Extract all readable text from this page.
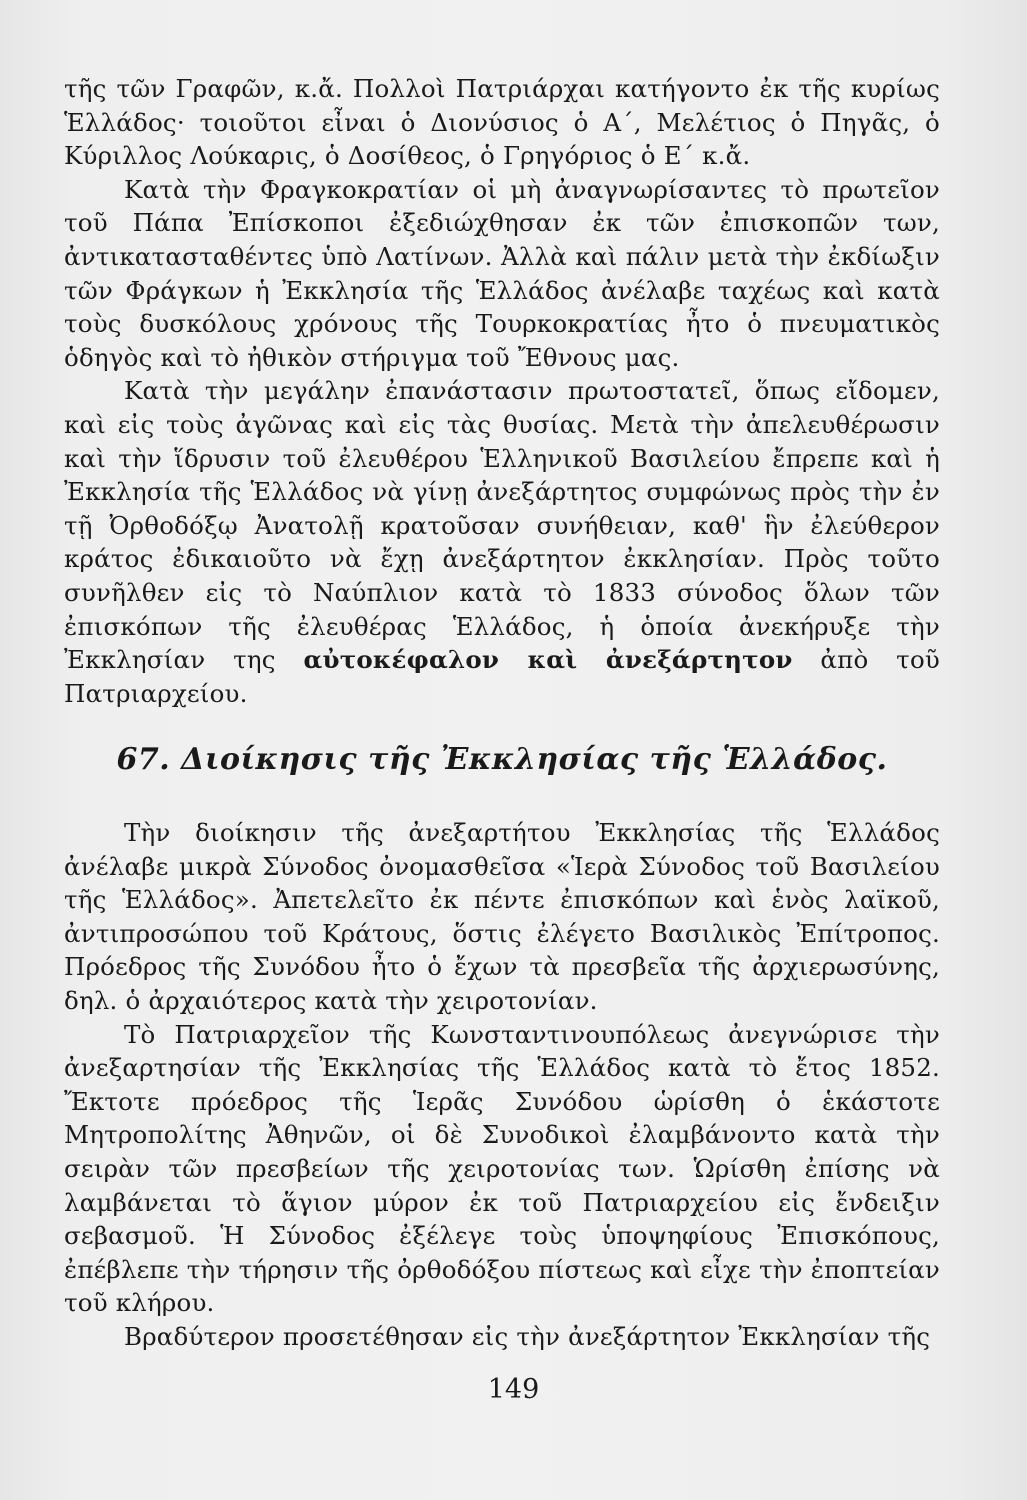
τῆς τῶν Γραφῶν, κ.ἄ. Πολλοὶ Πατριάρχαι κατήγοντο ἐκ τῆς κυρίως Ἑλλάδος· τοιοῦτοι εἶναι ὁ Διονύσιος ὁ Α΄, Μελέτιος ὁ Πηγᾶς, ὁ Κύριλλος Λούκαρις, ὁ Δοσίθεος, ὁ Γρηγόριος ὁ Ε΄ κ.ἄ.

Κατὰ τὴν Φραγκοκρατίαν οἱ μὴ ἀναγνωρίσαντες τὸ πρωτεῖον τοῦ Πάπα Ἐπίσκοποι ἐξεδιώχθησαν ἐκ τῶν ἐπισκοπῶν των, ἀντικατασταθέντες ὑπὸ Λατίνων. Ἀλλὰ καὶ πάλιν μετὰ τὴν ἐκδίωξιν τῶν Φράγκων ἡ Ἐκκλησία τῆς Ἑλλάδος ἀνέλαβε ταχέως καὶ κατὰ τοὺς δυσκόλους χρόνους τῆς Τουρκοκρατίας ἦτο ὁ πνευματικὸς ὁδηγὸς καὶ τὸ ἠθικὸν στήριγμα τοῦ Ἔθνους μας.

Κατὰ τὴν μεγάλην ἐπανάστασιν πρωτοστατεῖ, ὅπως εἴδομεν, καὶ εἰς τοὺς ἀγῶνας καὶ εἰς τὰς θυσίας. Μετὰ τὴν ἀπελευθέρωσιν καὶ τὴν ἵδρυσιν τοῦ ἐλευθέρου Ἑλληνικοῦ Βασιλείου ἔπρεπε καὶ ἡ Ἐκκλησία τῆς Ἑλλάδος νὰ γίνῃ ἀνεξάρτητος συμφώνως πρὸς τὴν ἐν τῇ Ὀρθοδόξῳ Ἀνατολῇ κρατοῦσαν συνήθειαν, καθ' ἣν ἐλεύθερον κράτος ἐδικαιοῦτο νὰ ἔχῃ ἀνεξάρτητον ἐκκλησίαν. Πρὸς τοῦτο συνῆλθεν εἰς τὸ Ναύπλιον κατὰ τὸ 1833 σύνοδος ὅλων τῶν ἐπισκόπων τῆς ἐλευθέρας Ἑλλάδος, ἡ ὁποία ἀνεκήρυξε τὴν Ἐκκλησίαν της αὐτοκέφαλον καὶ ἀνεξάρτητον ἀπὸ τοῦ Πατριαρχείου.

67. Διοίκησις τῆς Ἐκκλησίας τῆς Ἑλλάδος.

Τὴν διοίκησιν τῆς ἀνεξαρτήτου Ἐκκλησίας τῆς Ἑλλάδος ἀνέλαβε μικρὰ Σύνοδος ὀνομασθεῖσα «Ἱερὰ Σύνοδος τοῦ Βασιλείου τῆς Ἑλλάδος». Ἀπετελεῖτο ἐκ πέντε ἐπισκόπων καὶ ἑνὸς λαϊκοῦ, ἀντιπροσώπου τοῦ Κράτους, ὅστις ἐλέγετο Βασιλικὸς Ἐπίτροπος. Πρόεδρος τῆς Συνόδου ἦτο ὁ ἔχων τὰ πρεσβεῖα τῆς ἀρχιερωσύνης, δηλ. ὁ ἀρχαιότερος κατὰ τὴν χειροτονίαν.

Τὸ Πατριαρχεῖον τῆς Κωνσταντινουπόλεως ἀνεγνώρισε τὴν ἀνεξαρτησίαν τῆς Ἐκκλησίας τῆς Ἑλλάδος κατὰ τὸ ἔτος 1852. Ἔκτοτε πρόεδρος τῆς Ἱερᾶς Συνόδου ὡρίσθη ὁ ἑκάστοτε Μητροπολίτης Ἀθηνῶν, οἱ δὲ Συνοδικοὶ ἐλαμβάνοντο κατὰ τὴν σειρὰν τῶν πρεσβείων τῆς χειροτονίας των. Ὡρίσθη ἐπίσης νὰ λαμβάνεται τὸ ἅγιον μύρον ἐκ τοῦ Πατριαρχείου εἰς ἔνδειξιν σεβασμοῦ. Ἡ Σύνοδος ἐξέλεγε τοὺς ὑποψηφίους Ἐπισκόπους, ἐπέβλεπε τὴν τήρησιν τῆς ὀρθοδόξου πίστεως καὶ εἶχε τὴν ἐποπτείαν τοῦ κλήρου.

Βραδύτερον προσετέθησαν εἰς τὴν ἀνεξάρτητον Ἐκκλησίαν τῆς

149
